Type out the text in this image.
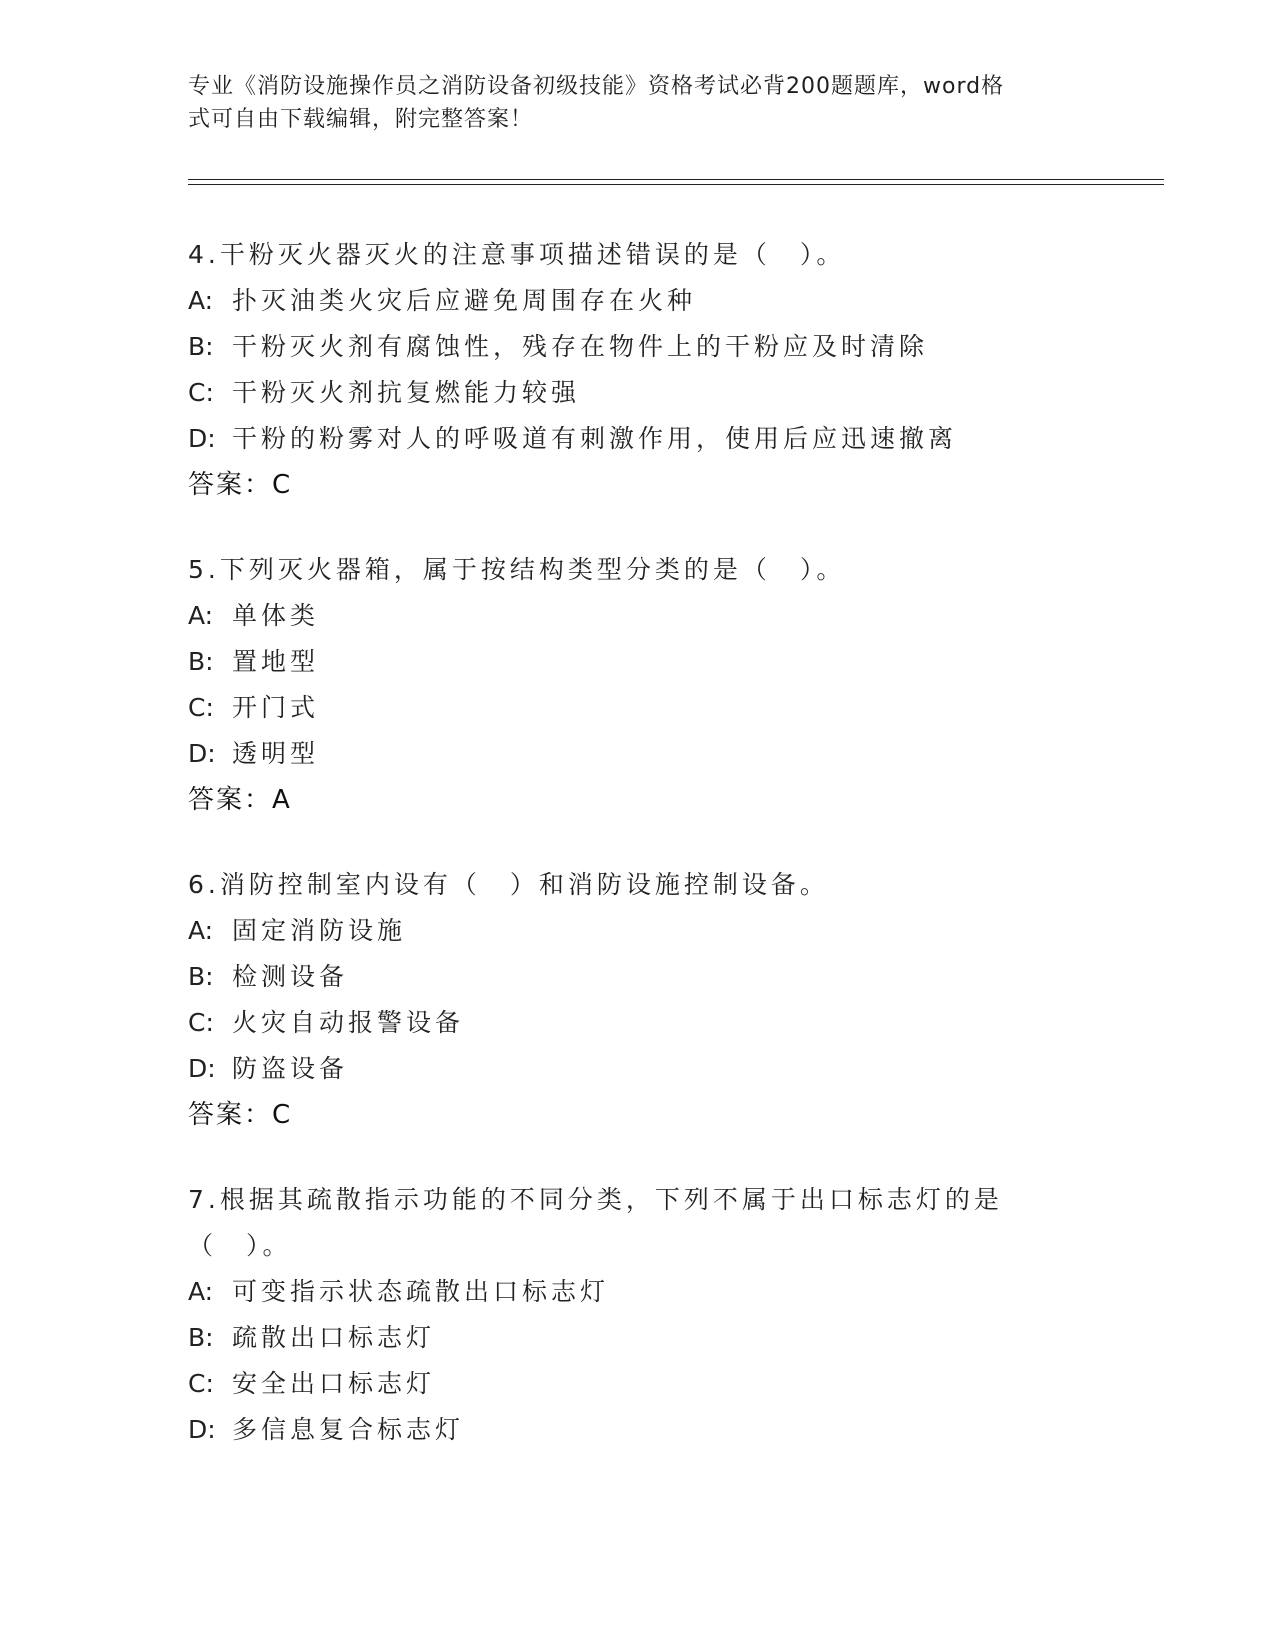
专业《消防设施操作员之消防设备初级技能》资格考试必背200题题库，word格
式可自由下载编辑，附完整答案！
4.干粉灭火器灭火的注意事项描述错误的是（　）。
A: 扑灭油类火灾后应避免周围存在火种
B: 干粉灭火剂有腐蚀性，残存在物件上的干粉应及时清除
C: 干粉灭火剂抗复燃能力较强
D: 干粉的粉雾对人的呼吸道有刺激作用，使用后应迅速撤离
答案：C
5.下列灭火器箱，属于按结构类型分类的是（　）。
A: 单体类
B: 置地型
C: 开门式
D: 透明型
答案：A
6.消防控制室内设有（　）和消防设施控制设备。
A: 固定消防设施
B: 检测设备
C: 火灾自动报警设备
D: 防盗设备
答案：C
7.根据其疏散指示功能的不同分类，下列不属于出口标志灯的是（　）。
A: 可变指示状态疏散出口标志灯
B: 疏散出口标志灯
C: 安全出口标志灯
D: 多信息复合标志灯
